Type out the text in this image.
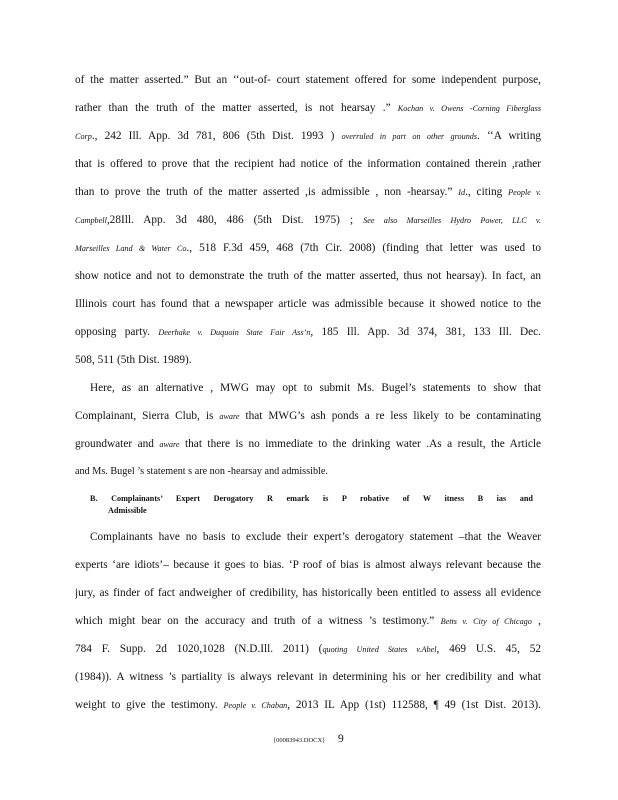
of the matter asserted.” But an ‘‘out-of- court statement offered for some independent purpose,

rather than the truth of the matter asserted, is not hearsay .” Kochan v. Owens -Corning Fiberglass

Corp., 242 Ill. App. 3d 781, 806 (5th Dist. 1993 ) overruled in part on other grounds. ‘‘A writing

that is offered to prove that the recipient had notice of the information contained therein ,rather

than to prove the truth of the matter asserted ,is admissible , non -hearsay.” Id., citing People v.

Campbell,28Ill. App. 3d 480, 486 (5th Dist. 1975) ; See also Marseilles Hydro Power, LLC v.

Marseilles Land & Water Co., 518 F.3d 459, 468 (7th Cir. 2008) (finding that letter was used to

show notice and not to demonstrate the truth of the matter asserted, thus not hearsay). In fact, an

Illinois court has found that a newspaper article was admissible because it showed notice to the

opposing party. Deerhake v. Duquoin State Fair Ass’n, 185 Ill. App. 3d 374, 381, 133 Ill. Dec.

508, 511 (5th Dist. 1989).

Here, as an alternative , MWG may opt to submit Ms. Bugel’s statements to show that

Complainant, Sierra Club, is aware that MWG’s ash ponds a re less likely to be contaminating

groundwater and aware that there is no immediate to the drinking water .As a result, the Article

and Ms. Bugel ’s statement s are non -hearsay and admissible.

B. Complainants’ Expert Derogatory R emark is P robative of W itness B ias and

Admissible

Complainants have no basis to exclude their expert’s derogatory statement –that the Weaver

experts ‘are idiots’– because it goes to bias. ‘P roof of bias is almost always relevant because the

jury, as finder of fact andweigher of credibility, has historically been entitled to assess all evidence

which might bear on the accuracy and truth of a witness ’s testimony.” Betts v. City of Chicago ,

784 F. Supp. 2d 1020,1028 (N.D.Ill. 2011) (quoting United States v.Abel, 469 U.S. 45, 52

(1984)). A witness ’s partiality is always relevant in determining his or her credibility and what

weight to give the testimony. People v. Chaban, 2013 IL App (1st) 112588, ¶ 49 (1st Dist. 2013).

{00083943.DOCX} 9
